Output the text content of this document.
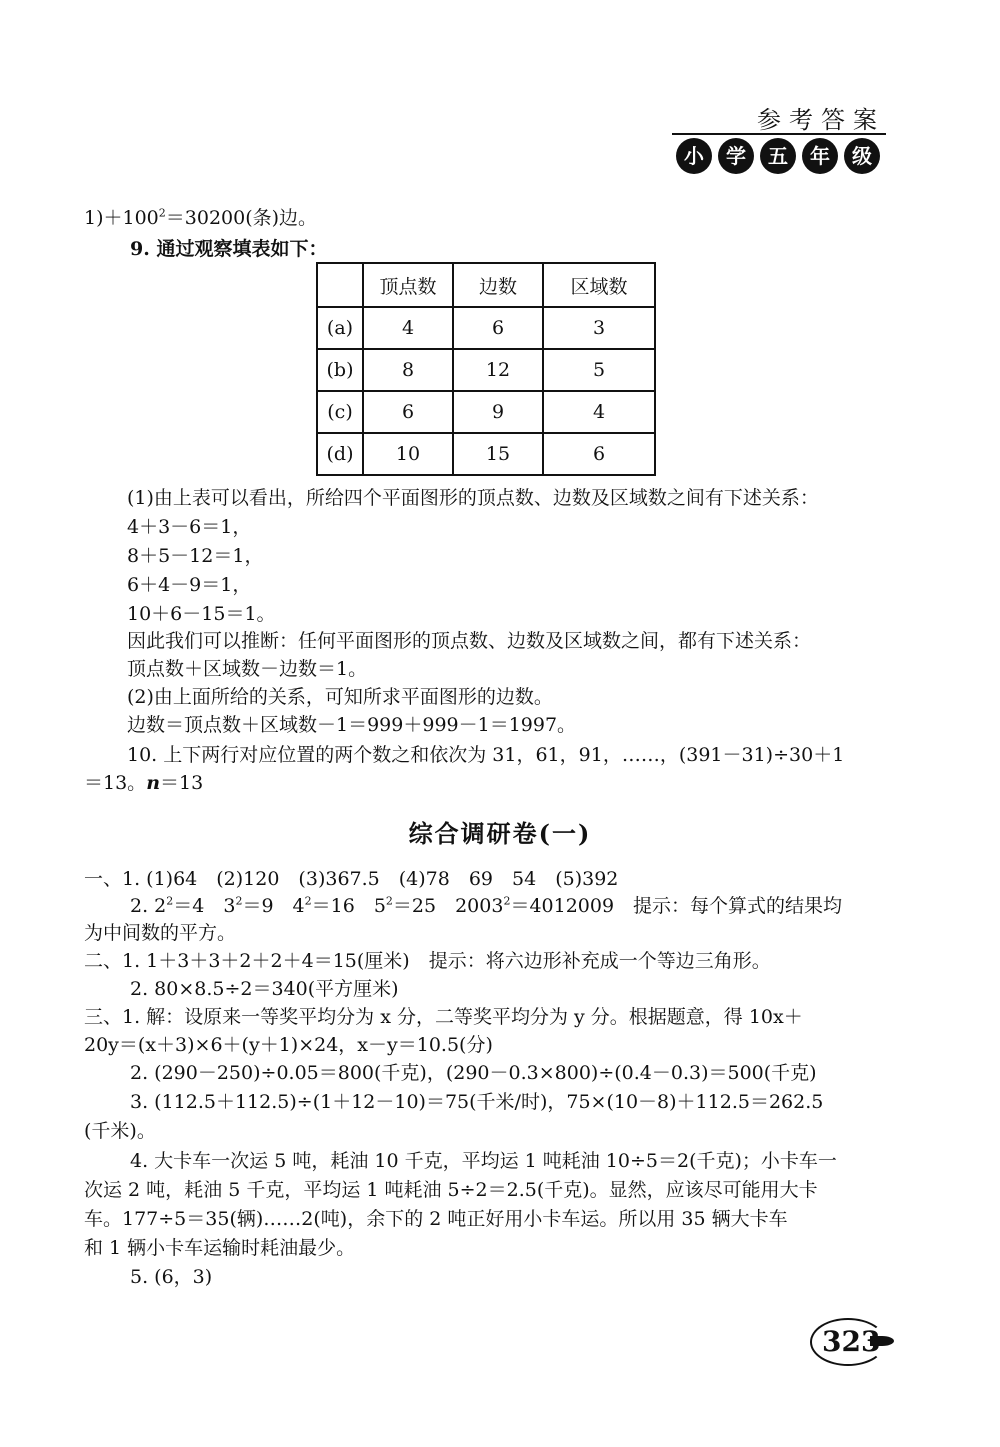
参考答案
小	学	五	年	级
$1)+100^2=30200$(条)边。
9. 通过观察填表如下：
	顶点数	边数	区域数
(a)	4	6	3
(b)	8	12	5
(c)	6	9	4
(d)	10	15	6
(1)由上表可以看出，所给四个平面图形的顶点数、边数及区域数之间有下述关系：
4＋3－6＝1，
8＋5－12＝1，
6＋4－9＝1，
10＋6－15＝1。
因此我们可以推断：任何平面图形的顶点数、边数及区域数之间，都有下述关系：
顶点数＋区域数－边数＝1。
(2)由上面所给的关系，可知所求平面图形的边数。
边数＝顶点数＋区域数－1＝999＋999－1＝1997。
10. 上下两行对应位置的两个数之和依次为 31，61，91，……，(391－31)÷30＋1
＝13。n＝13
综合调研卷(一)
一、1. (1)64　(2)120　(3)367.5　(4)78　69　54　(5)392
2. $2^2=4$　$3^2=9$　$4^2=16$　$5^2=25$　$2003^2=4012009$　提示：每个算式的结果均
为中间数的平方。
二、1. 1＋3＋3＋2＋2＋4＝15(厘米)　提示：将六边形补充成一个等边三角形。
2. 80×8.5÷2＝340(平方厘米)
三、1. 解：设原来一等奖平均分为 x 分，二等奖平均分为 y 分。根据题意，得 10x＋
20y＝(x＋3)×6＋(y＋1)×24，x－y＝10.5(分)
2. (290－250)÷0.05＝800(千克)，(290－0.3×800)÷(0.4－0.3)＝500(千克)
3. (112.5＋112.5)÷(1＋12－10)＝75(千米/时)，75×(10－8)＋112.5＝262.5
(千米)。
4. 大卡车一次运 5 吨，耗油 10 千克，平均运 1 吨耗油 10÷5＝2(千克)；小卡车一
次运 2 吨，耗油 5 千克，平均运 1 吨耗油 5÷2＝2.5(千克)。显然，应该尽可能用大卡
车。177÷5＝35(辆)……2(吨)，余下的 2 吨正好用小卡车运。所以用 35 辆大卡车
和 1 辆小卡车运输时耗油最少。
5. (6，3)
323
